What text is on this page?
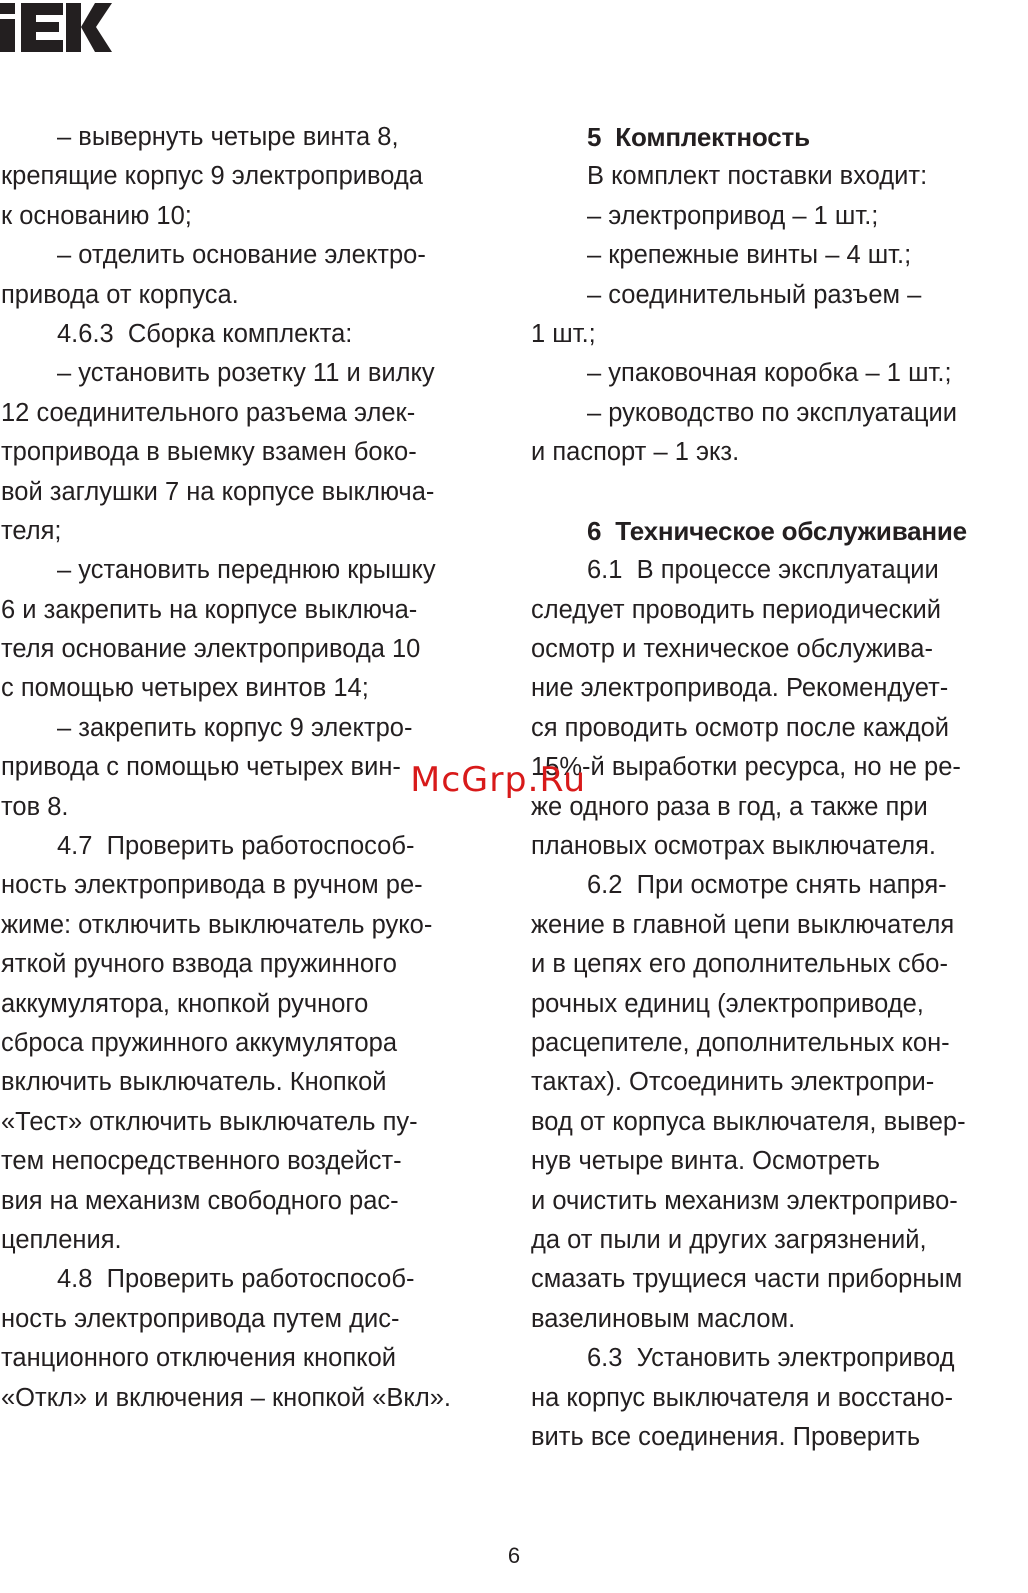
– вывернуть четыре винта 8,
крепящие корпус 9 электропривода
к основанию 10;
– отделить основание электро-
привода от корпуса.
4.6.3  Сборка комплекта:
– установить розетку 11 и вилку
12 соединительного разъема элек-
тропривода в выемку взамен боко-
вой заглушки 7 на корпусе выключа-
теля;
– установить переднюю крышку
6 и закрепить на корпусе выключа-
теля основание электропривода 10
с помощью четырех винтов 14;
– закрепить корпус 9 электро-
привода с помощью четырех вин-
тов 8.
4.7  Проверить работоспособ-
ность электропривода в ручном ре-
жиме: отключить выключатель руко-
яткой ручного взвода пружинного
аккумулятора, кнопкой ручного
сброса пружинного аккумулятора
включить выключатель. Кнопкой
«Тест» отключить выключатель пу-
тем непосредственного воздейст-
вия на механизм свободного рас-
цепления.
4.8  Проверить работоспособ-
ность электропривода путем дис-
танционного отключения кнопкой
«Откл» и включения – кнопкой «Вкл».
5  Комплектность
В комплект поставки входит:
– электропривод – 1 шт.;
– крепежные винты – 4 шт.;
– соединительный разъем –
1 шт.;
– упаковочная коробка – 1 шт.;
– руководство по эксплуатации
и паспорт – 1 экз.
6  Техническое обслуживание
6.1  В процессе эксплуатации
следует проводить периодический
осмотр и техническое обслужива-
ние электропривода. Рекомендует-
ся проводить осмотр после каждой
15%-й выработки ресурса, но не ре-
же одного раза в год, а также при
плановых осмотрах выключателя.
6.2  При осмотре снять напря-
жение в главной цепи выключателя
и в цепях его дополнительных сбо-
рочных единиц (электроприводе,
расцепителе, дополнительных кон-
тактах). Отсоединить электропри-
вод от корпуса выключателя, вывер-
нув четыре винта. Осмотреть
и очистить механизм электроприво-
да от пыли и других загрязнений,
смазать трущиеся части приборным
вазелиновым маслом.
6.3  Установить электропривод
на корпус выключателя и восстано-
вить все соединения. Проверить
McGrp.Ru
6
